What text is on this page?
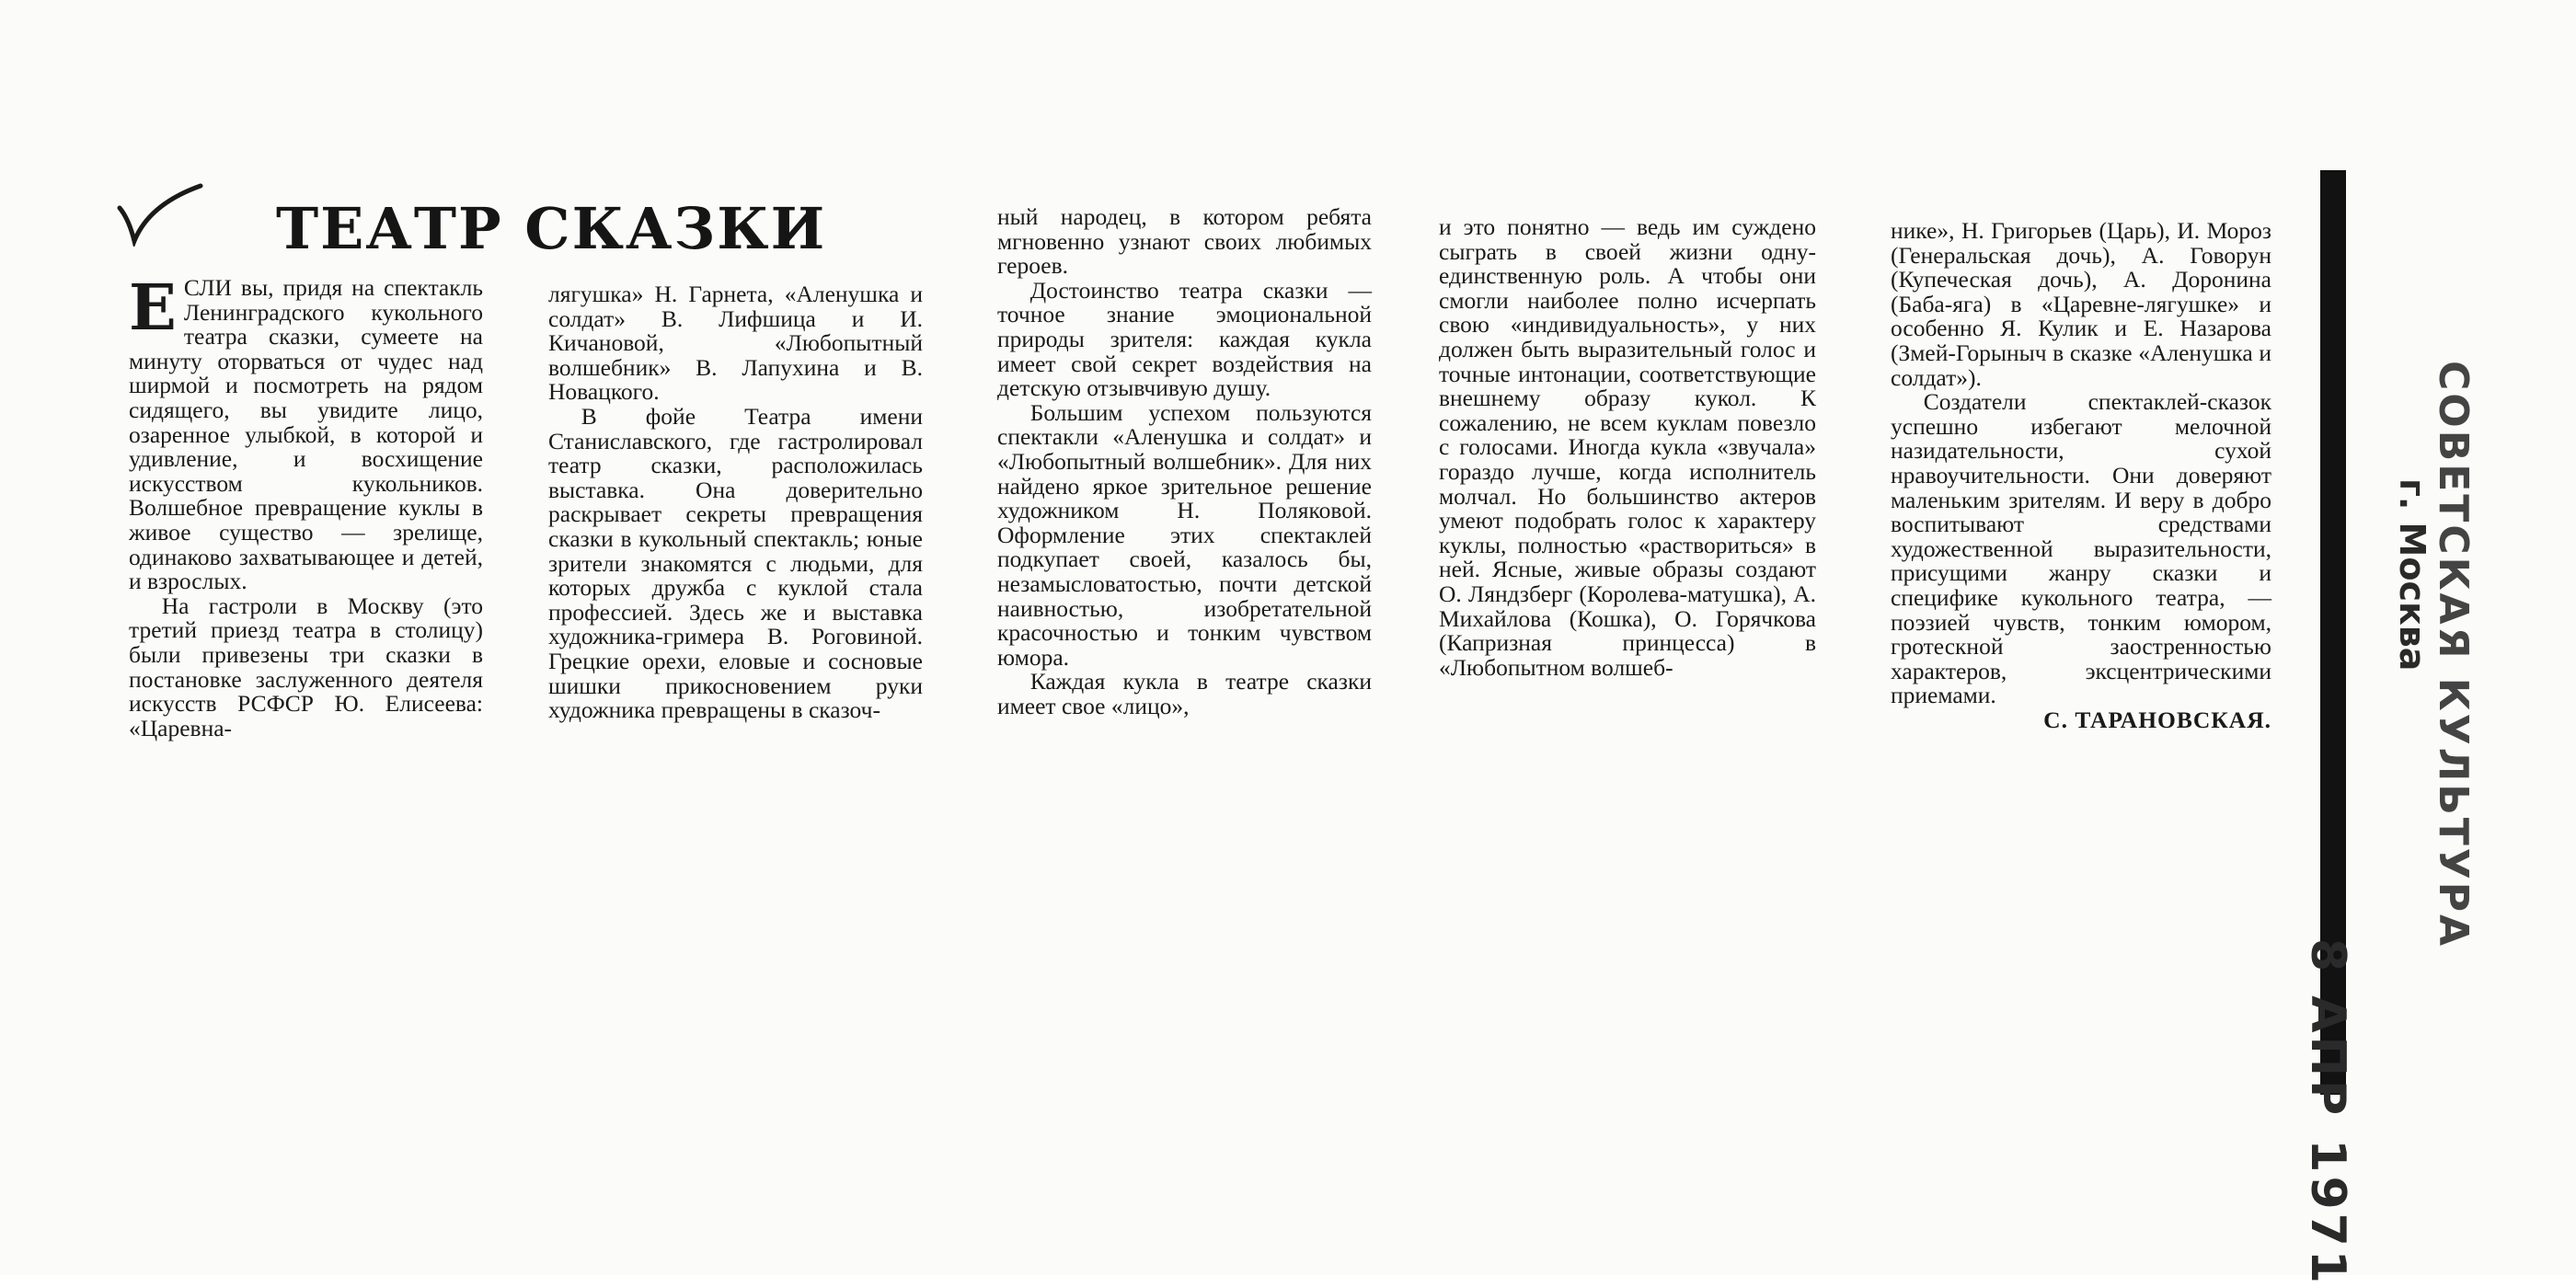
ТЕАТР СКАЗКИ

ЕСЛИ вы, придя на спектакль Ленинградского кукольного театра сказки, сумеете на минуту оторваться от чудес над ширмой и посмотреть на рядом сидящего, вы увидите лицо, озаренное улыбкой, в которой и удивление, и восхищение искусством кукольников. Волшебное превращение куклы в живое существо — зрелище, одинаково захватывающее и детей, и взрослых.

На гастроли в Москву (это третий приезд театра в столицу) были привезены три сказки в постановке заслуженного деятеля искусств РСФСР Ю. Елисеева: «Царевна-

лягушка» Н. Гарнета, «Аленушка и солдат» В. Лифшица и И. Кичановой, «Любопытный волшебник» В. Лапухина и В. Новацкого.

В фойе Театра имени Станиславского, где гастролировал театр сказки, расположилась выставка. Она доверительно раскрывает секреты превращения сказки в кукольный спектакль; юные зрители знакомятся с людьми, для которых дружба с куклой стала профессией. Здесь же и выставка художника-гримера В. Роговиной. Грецкие орехи, еловые и сосновые шишки прикосновением руки художника превращены в сказоч-

ный народец, в котором ребята мгновенно узнают своих любимых героев.

Достоинство театра сказки — точное знание эмоциональной природы зрителя: каждая кукла имеет свой секрет воздействия на детскую отзывчивую душу.

Большим успехом пользуются спектакли «Аленушка и солдат» и «Любопытный волшебник». Для них найдено яркое зрительное решение художником Н. Поляковой. Оформление этих спектаклей подкупает своей, казалось бы, незамысловатостью, почти детской наивностью, изобретательной красочностью и тонким чувством юмора.

Каждая кукла в театре сказки имеет свое «лицо»,

и это понятно — ведь им суждено сыграть в своей жизни одну-единственную роль. А чтобы они смогли наиболее полно исчерпать свою «индивидуальность», у них должен быть выразительный голос и точные интонации, соответствующие внешнему образу кукол. К сожалению, не всем куклам повезло с голосами. Иногда кукла «звучала» гораздо лучше, когда исполнитель молчал. Но большинство актеров умеют подобрать голос к характеру куклы, полностью «раствориться» в ней. Ясные, живые образы создают О. Ляндзберг (Королева-матушка), А. Михайлова (Кошка), О. Горячкова (Капризная принцесса) в «Любопытном волшеб-

нике», Н. Григорьев (Царь), И. Мороз (Генеральская дочь), А. Говорун (Купеческая дочь), А. Доронина (Баба-яга) в «Царевне-лягушке» и особенно Я. Кулик и Е. Назарова (Змей-Горыныч в сказке «Аленушка и солдат»).

Создатели спектаклей-сказок успешно избегают мелочной назидательности, сухой нравоучительности. Они доверяют маленьким зрителям. И веру в добро воспитывают средствами художественной выразительности, присущими жанру сказки и специфике кукольного театра, — поэзией чувств, тонким юмором, гротескной заостренностью характеров, эксцентрическими приемами.

С. ТАРАНОВСКАЯ.	СОВЕТСКАЯ КУЛЬТУРА
г. Москва
8 АПР 1971
